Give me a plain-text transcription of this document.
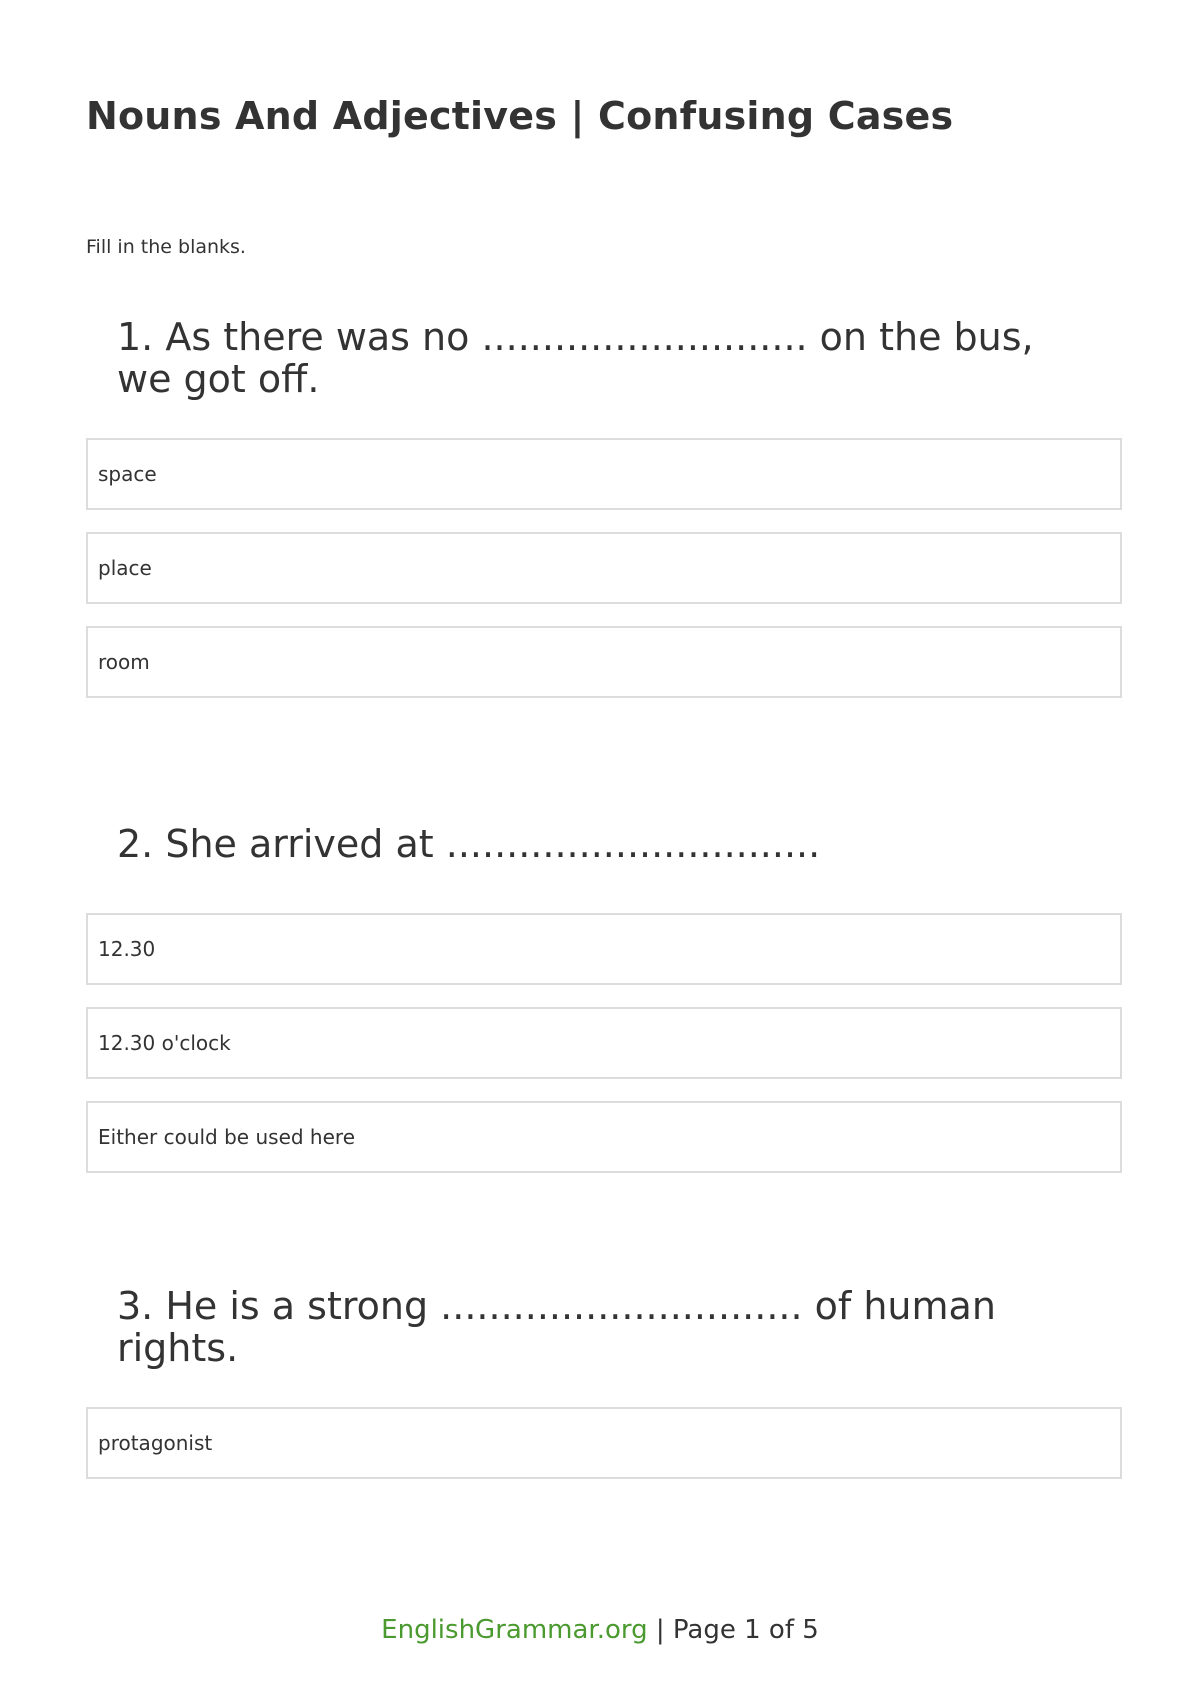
Nouns And Adjectives | Confusing Cases
Fill in the blanks.
1. As there was no ........................... on the bus, we got off.
space
place
room
2. She arrived at ...............................
12.30
12.30 o'clock
Either could be used here
3. He is a strong .............................. of human rights.
protagonist
EnglishGrammar.org | Page 1 of 5
